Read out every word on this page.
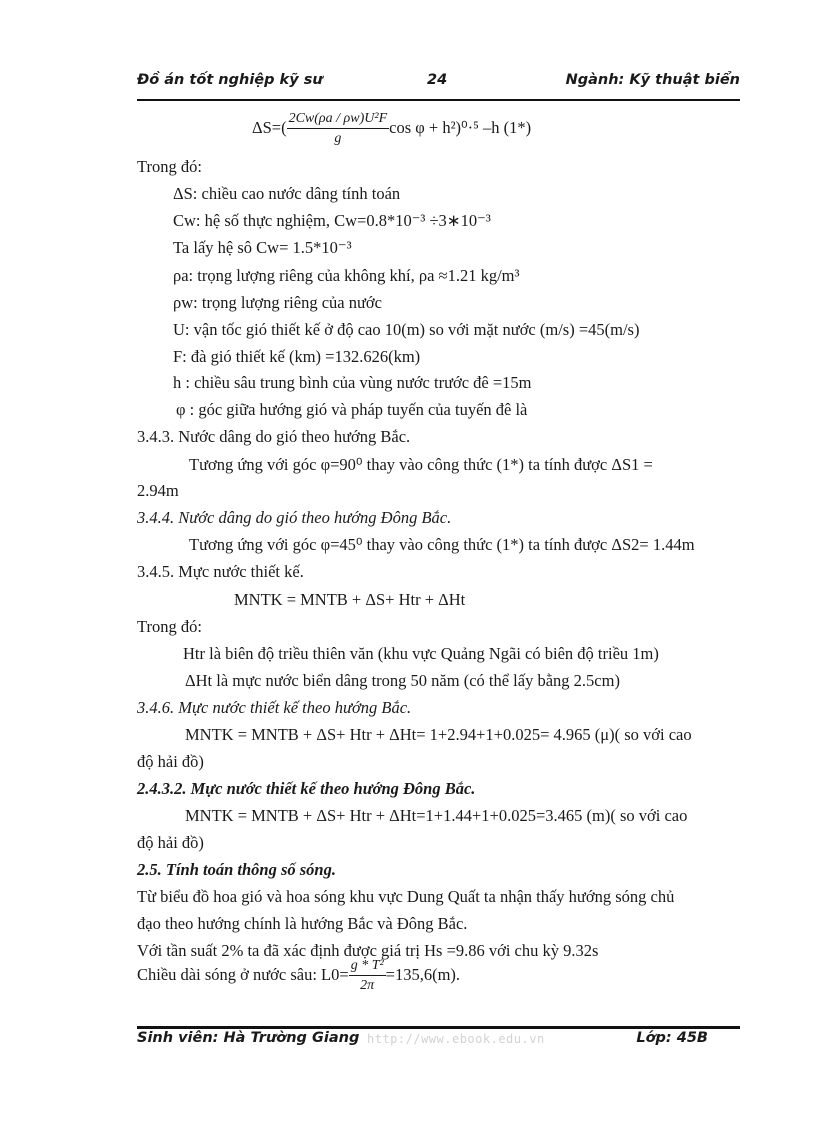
Đồ án tốt nghiệp kỹ sư	24	Ngành: Kỹ thuật biển
$\Delta S=( \frac{\text{2Cw(ρa / ρw)U²F}}{g}$ cos φ + h²)⁰·⁵ –h (1*)
Trong đó:
ΔS: chiều cao nước dâng tính toán
Cw: hệ số thực nghiệm, Cw=0.8*10⁻³ ÷3∗10⁻³
Ta lấy hệ sô Cw= 1.5*10⁻³
ρa: trọng lượng riêng của không khí, ρa ≈1.21 kg/m³
ρw: trọng lượng riêng của nước
U: vận tốc gió thiết kế ở độ cao 10(m) so với mặt nước (m/s) =45(m/s)
F: đà gió thiết kế (km) =132.626(km)
h : chiều sâu trung bình của vùng nước trước đê =15m
φ : góc giữa hướng gió và pháp tuyến của tuyến đê là
3.4.3. Nước dâng do gió theo hướng Bắc.
Tương ứng với góc φ=90⁰ thay vào công thức (1*) ta tính được ΔS1 =
2.94m
3.4.4. Nước dâng do gió theo hướng Đông Bắc.
Tương ứng với góc φ=45⁰ thay vào công thức (1*) ta tính được ΔS2= 1.44m
3.4.5. Mực nước thiết kế.
MNTK = MNTB + ΔS+ Htr + ΔHt
Trong đó:
Htr là biên độ triều thiên văn (khu vực Quảng Ngãi có biên độ triều 1m)
ΔHt là mực nước biển dâng trong 50 năm (có thể lấy bằng 2.5cm)
3.4.6. Mực nước thiết kế theo hướng Bắc.
MNTK = MNTB + ΔS+ Htr + ΔHt= 1+2.94+1+0.025= 4.965 (μ)( so với cao
độ hải đồ)
2.4.3.2. Mực nước thiết kế theo hướng Đông Bắc.
MNTK = MNTB + ΔS+ Htr + ΔHt=1+1.44+1+0.025=3.465 (m)( so với cao
độ hải đồ)
2.5. Tính toán thông số sóng.
Từ biểu đồ hoa gió và hoa sóng khu vực Dung Quất ta nhận thấy hướng sóng chủ
đạo theo hướng chính là hướng Bắc và Đông Bắc.
Với tần suất 2% ta đã xác định được giá trị Hs =9.86 với chu kỳ 9.32s
Chiều dài sóng ở nước sâu: $L0= \frac{\text{g * T²}}{2\pi} =135,6(m)$.
Sinh viên: Hà Trường Giang http://www.ebook.edu.vn	Lớp: 45B
